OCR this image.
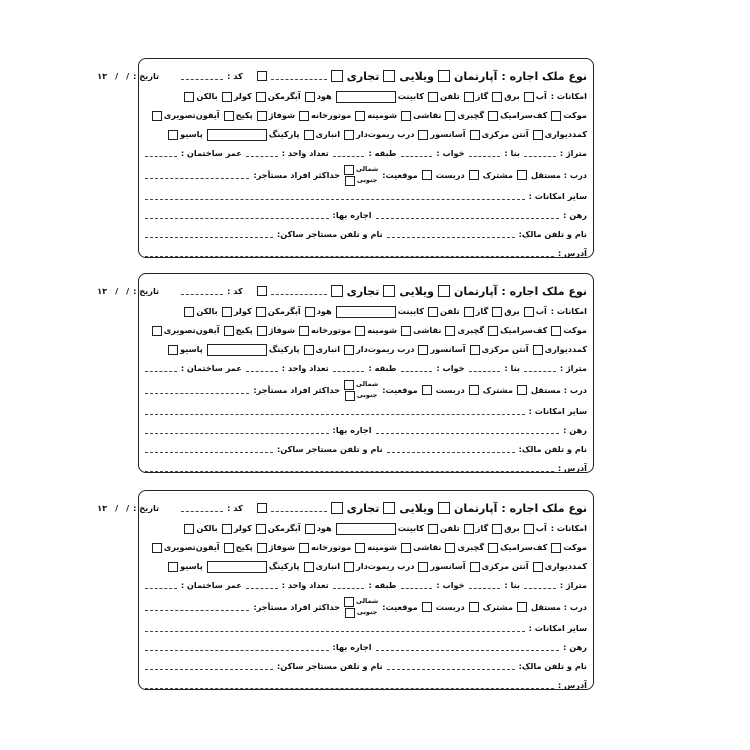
نوع ملک اجاره :
آپارتمان
ویلایی
تجاری
کد :
تاریخ :
۱۳ / /
امکانات :
آب
برق
گاز
تلفن
کابینت
هود
آبگرمکن
کولر
بالکن
موکت
کف‌سرامیک
گچبری
نقاشی
شومینه
موتورخانه
شوفاژ
پکیج
آیفون‌تصویری
کمددیواری
آنتن مرکزی
آسانسور
درب ریموت‌دار
انباری
پارکینگ
پاسیو
متراژ :
بنا :
خواب :
طبقه :
تعداد واحد :
عمر ساختمان :
درب : مستقل
مشترک
دربست
موقعیت:
شمالی
جنوبی
حداکثر افراد مستأجر:
سایر امکانات :
رهن :
اجاره بها:
نام و تلفن مالک:
نام و تلفن مستاجر ساکن:
آدرس :
نوع ملک اجاره :
آپارتمان
ویلایی
تجاری
کد :
تاریخ :
۱۳ / /
امکانات :
آب
برق
گاز
تلفن
کابینت
هود
آبگرمکن
کولر
بالکن
موکت
کف‌سرامیک
گچبری
نقاشی
شومینه
موتورخانه
شوفاژ
پکیج
آیفون‌تصویری
کمددیواری
آنتن مرکزی
آسانسور
درب ریموت‌دار
انباری
پارکینگ
پاسیو
متراژ :
بنا :
خواب :
طبقه :
تعداد واحد :
عمر ساختمان :
درب : مستقل
مشترک
دربست
موقعیت:
شمالی
جنوبی
حداکثر افراد مستأجر:
سایر امکانات :
رهن :
اجاره بها:
نام و تلفن مالک:
نام و تلفن مستاجر ساکن:
آدرس :
نوع ملک اجاره :
آپارتمان
ویلایی
تجاری
کد :
تاریخ :
۱۳ / /
امکانات :
آب
برق
گاز
تلفن
کابینت
هود
آبگرمکن
کولر
بالکن
موکت
کف‌سرامیک
گچبری
نقاشی
شومینه
موتورخانه
شوفاژ
پکیج
آیفون‌تصویری
کمددیواری
آنتن مرکزی
آسانسور
درب ریموت‌دار
انباری
پارکینگ
پاسیو
متراژ :
بنا :
خواب :
طبقه :
تعداد واحد :
عمر ساختمان :
درب : مستقل
مشترک
دربست
موقعیت:
شمالی
جنوبی
حداکثر افراد مستأجر:
سایر امکانات :
رهن :
اجاره بها:
نام و تلفن مالک:
نام و تلفن مستاجر ساکن:
آدرس :
